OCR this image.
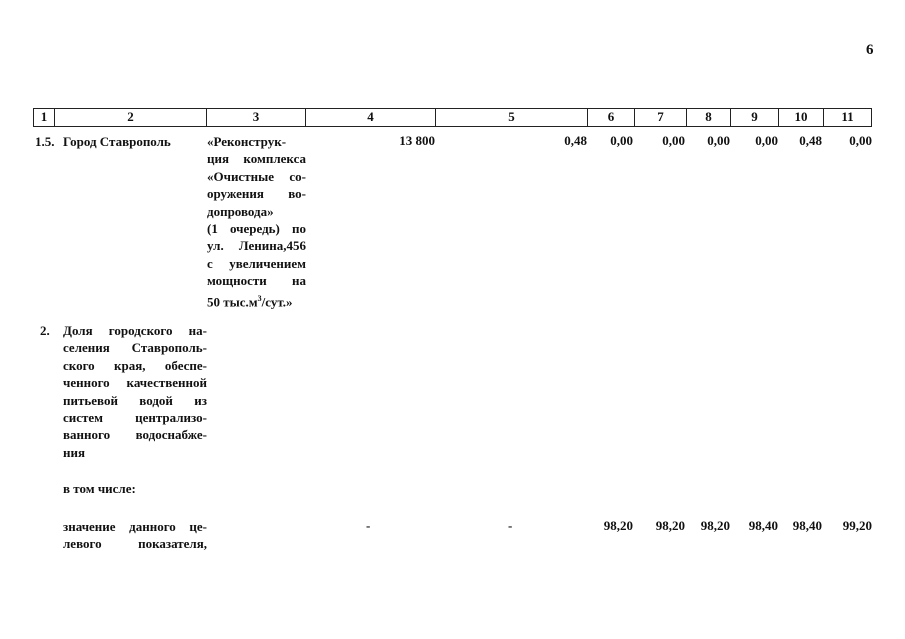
6
1	2	3	4	5	6	7	8	9	10	11
1.5. Город Ставрополь	«Реконструк-
ция комплекса
«Очистные со-
оружения во-
допровода»
(1 очередь) по
ул. Ленина,456
с увеличением
мощности на
50 $тыс.м^3$/сут.»
13 800	0,48 0,00 0,00 0,00 0,00 0,48 0,00
2. Доля городского на-
селения Ставрополь-
ского края, обеспе-
ченного качественной
питьевой водой из
систем централизо-
ванного водоснабже-
ния
в том числе:
значение данного це-
левого показателя,
-	-	98,20 98,20 98,20 98,40 98,40 99,20
